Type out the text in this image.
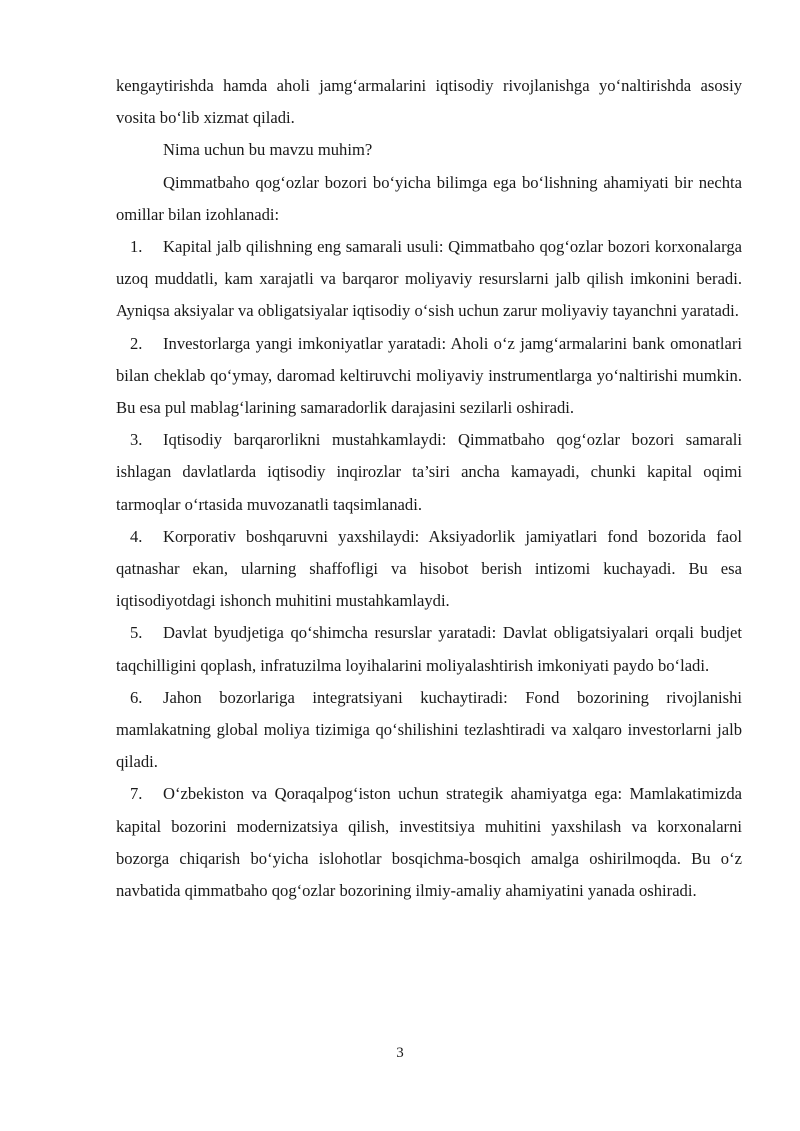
kengaytirishda hamda aholi jamg‘armalarini iqtisodiy rivojlanishga yo‘naltirishda asosiy vosita bo‘lib xizmat qiladi.

Nima uchun bu mavzu muhim?

Qimmatbaho qog‘ozlar bozori bo‘yicha bilimga ega bo‘lishning ahamiyati bir nechta omillar bilan izohlanadi:

1. Kapital jalb qilishning eng samarali usuli: Qimmatbaho qog‘ozlar bozori korxonalarga uzoq muddatli, kam xarajatli va barqaror moliyaviy resurslarni jalb qilish imkonini beradi. Ayniqsa aksiyalar va obligatsiyalar iqtisodiy o‘sish uchun zarur moliyaviy tayanchni yaratadi.

2. Investorlarga yangi imkoniyatlar yaratadi: Aholi o‘z jamg‘armalarini bank omonatlari bilan cheklab qo‘ymay, daromad keltiruvchi moliyaviy instrumentlarga yo‘naltirishi mumkin. Bu esa pul mablag‘larining samaradorlik darajasini sezilarli oshiradi.

3. Iqtisodiy barqarorlikni mustahkamlaydi: Qimmatbaho qog‘ozlar bozori samarali ishlagan davlatlarda iqtisodiy inqirozlar ta’siri ancha kamayadi, chunki kapital oqimi tarmoqlar o‘rtasida muvozanatli taqsimlanadi.

4. Korporativ boshqaruvni yaxshilaydi: Aksiyadorlik jamiyatlari fond bozorida faol qatnashar ekan, ularning shaffofligi va hisobot berish intizomi kuchayadi. Bu esa iqtisodiyotdagi ishonch muhitini mustahkamlaydi.

5. Davlat byudjetiga qo‘shimcha resurslar yaratadi: Davlat obligatsiyalari orqali budjet taqchilligini qoplash, infratuzilma loyihalarini moliyalashtirish imkoniyati paydo bo‘ladi.

6. Jahon bozorlariga integratsiyani kuchaytiradi: Fond bozorining rivojlanishi mamlakatning global moliya tizimiga qo‘shilishini tezlashtiradi va xalqaro investorlarni jalb qiladi.

7. O‘zbekiston va Qoraqalpog‘iston uchun strategik ahamiyatga ega: Mamlakatimizda kapital bozorini modernizatsiya qilish, investitsiya muhitini yaxshilash va korxonalarni bozorga chiqarish bo‘yicha islohotlar bosqichma-bosqich amalga oshirilmoqda. Bu o‘z navbatida qimmatbaho qog‘ozlar bozorining ilmiy-amaliy ahamiyatini yanada oshiradi.

3
